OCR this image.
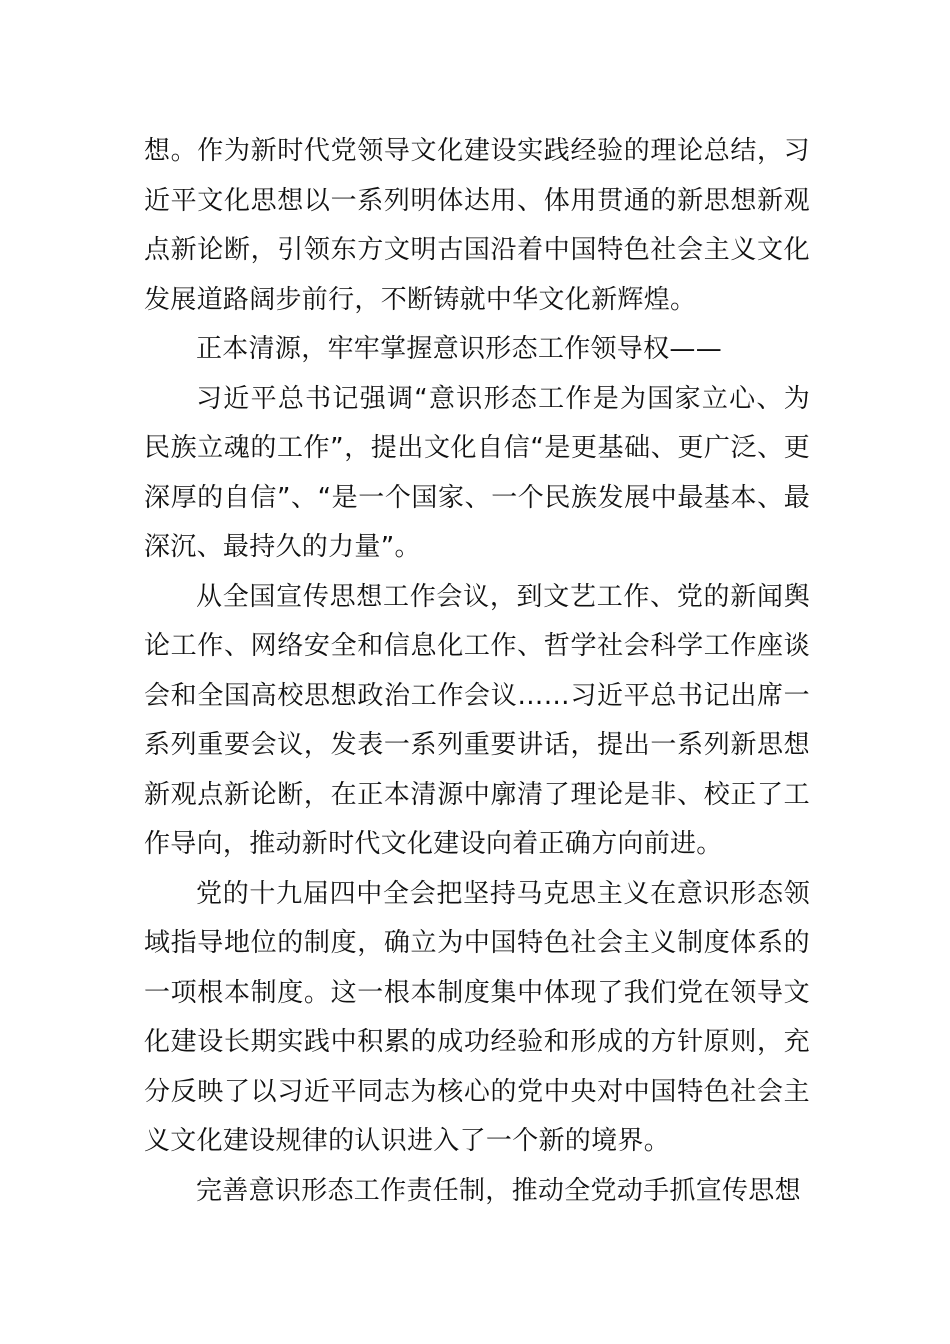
想。作为新时代党领导文化建设实践经验的理论总结，习近平文化思想以一系列明体达用、体用贯通的新思想新观点新论断，引领东方文明古国沿着中国特色社会主义文化发展道路阔步前行，不断铸就中华文化新辉煌。

正本清源，牢牢掌握意识形态工作领导权——

习近平总书记强调“意识形态工作是为国家立心、为民族立魂的工作”，提出文化自信“是更基础、更广泛、更深厚的自信”、“是一个国家、一个民族发展中最基本、最深沉、最持久的力量”。

从全国宣传思想工作会议，到文艺工作、党的新闻舆论工作、网络安全和信息化工作、哲学社会科学工作座谈会和全国高校思想政治工作会议……习近平总书记出席一系列重要会议，发表一系列重要讲话，提出一系列新思想新观点新论断，在正本清源中廓清了理论是非、校正了工作导向，推动新时代文化建设向着正确方向前进。

党的十九届四中全会把坚持马克思主义在意识形态领域指导地位的制度，确立为中国特色社会主义制度体系的一项根本制度。这一根本制度集中体现了我们党在领导文化建设长期实践中积累的成功经验和形成的方针原则，充分反映了以习近平同志为核心的党中央对中国特色社会主义文化建设规律的认识进入了一个新的境界。

完善意识形态工作责任制，推动全党动手抓宣传思想
